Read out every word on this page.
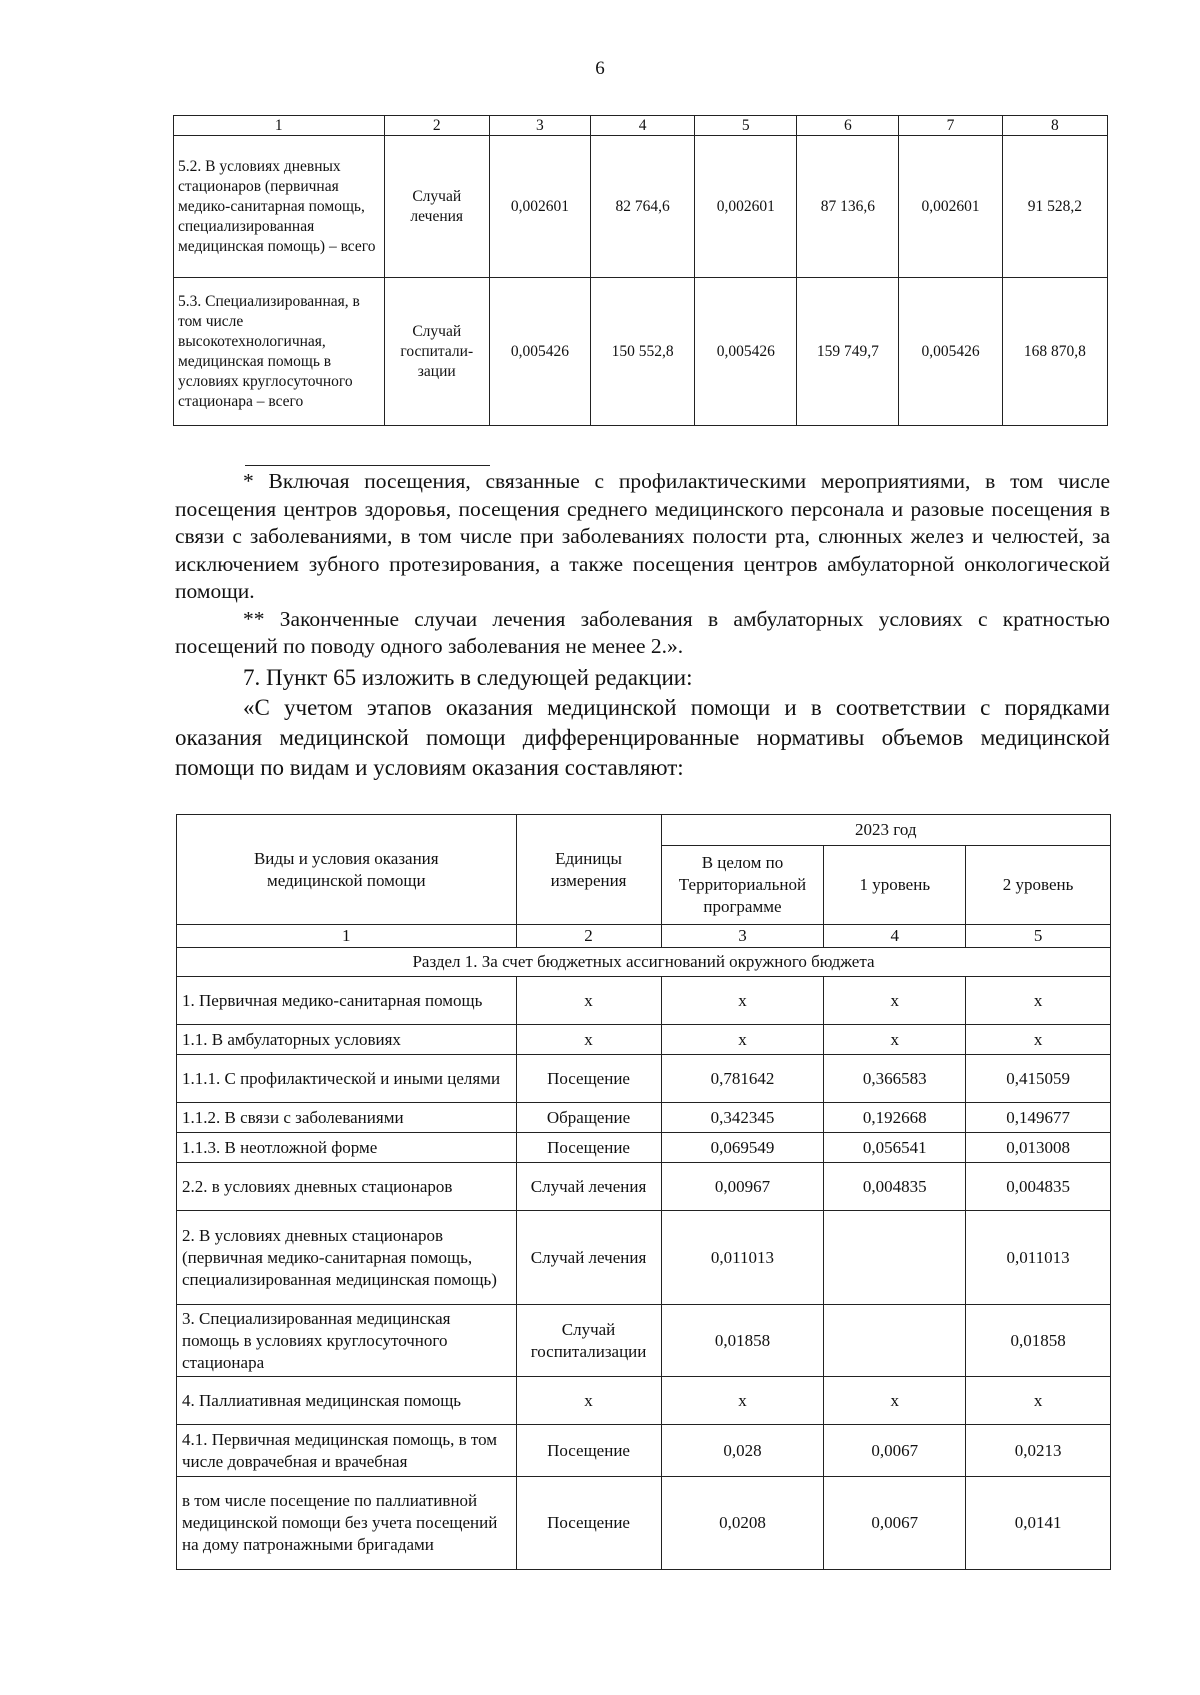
6
1	2	3	4	5	6	7	8
5.2. В условиях дневных стационаров (первичная медико-санитарная помощь, специализированная медицинская помощь) – всего	Случай лечения	0,002601	82 764,6	0,002601	87 136,6	0,002601	91 528,2
5.3. Специализированная, в том числе высокотехнологичная, медицинская помощь в условиях круглосуточного стационара – всего	Случай госпитали-зации	0,005426	150 552,8	0,005426	159 749,7	0,005426	168 870,8

* Включая посещения, связанные с профилактическими мероприятиями, в том числе посещения центров здоровья, посещения среднего медицинского персонала и разовые посещения в связи с заболеваниями, в том числе при заболеваниях полости рта, слюнных желез и челюстей, за исключением зубного протезирования, а также посещения центров амбулаторной онкологической помощи.

** Законченные случаи лечения заболевания в амбулаторных условиях с кратностью посещений по поводу одного заболевания не менее 2.».

7. Пункт 65 изложить в следующей редакции:

«С учетом этапов оказания медицинской помощи и в соответствии с порядками оказания медицинской помощи дифференцированные нормативы объемов медицинской помощи по видам и условиям оказания составляют:

Виды и условия оказания медицинской помощи	Единицы измерения	2023 год		
		В целом по Территориальной программе	1 уровень	2 уровень
1	2	3	4	5
Раздел 1. За счет бюджетных ассигнований окружного бюджета				
1. Первичная медико-санитарная помощь	х	х	х	х
1.1. В амбулаторных условиях	х	х	х	х
1.1.1. С профилактической и иными целями	Посещение	0,781642	0,366583	0,415059
1.1.2. В связи с заболеваниями	Обращение	0,342345	0,192668	0,149677
1.1.3. В неотложной форме	Посещение	0,069549	0,056541	0,013008
2.2. в условиях дневных стационаров	Случай лечения	0,00967	0,004835	0,004835
2. В условиях дневных стационаров (первичная медико-санитарная помощь, специализированная медицинская помощь)	Случай лечения	0,011013		0,011013
3. Специализированная медицинская помощь в условиях круглосуточного стационара	Случай госпитализации	0,01858		0,01858
4. Паллиативная медицинская помощь	х	х	х	х
4.1. Первичная медицинская помощь, в том числе доврачебная и врачебная	Посещение	0,028	0,0067	0,0213
в том числе посещение по паллиативной медицинской помощи без учета посещений на дому патронажными бригадами	Посещение	0,0208	0,0067	0,0141
